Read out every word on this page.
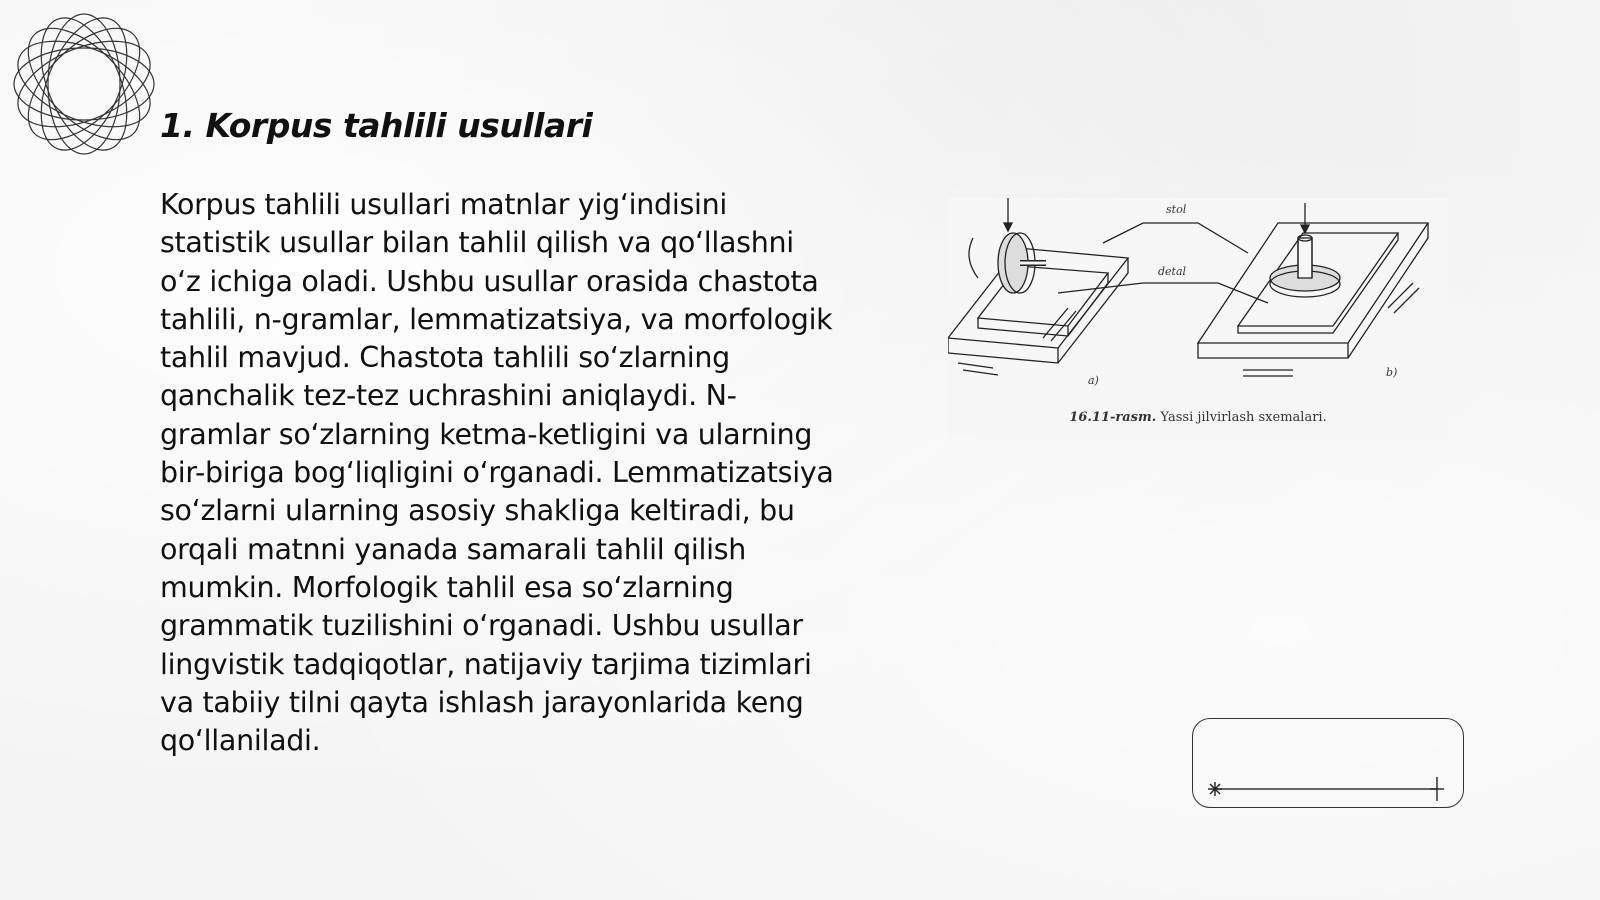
1. Korpus tahlili usullari

Korpus tahlili usullari matnlar yig‘indisini statistik usullar bilan tahlil qilish va qo‘llashni o‘z ichiga oladi. Ushbu usullar orasida chastota tahlili, n-gramlar, lemmatizatsiya, va morfologik tahlil mavjud. Chastota tahlili so‘zlarning qanchalik tez-tez uchrashini aniqlaydi. N-gramlar so‘zlarning ketma-ketligini va ularning bir-biriga bog‘liqligini o‘rganadi. Lemmatizatsiya so‘zlarni ularning asosiy shakliga keltiradi, bu orqali matnni yanada samarali tahlil qilish mumkin. Morfologik tahlil esa so‘zlarning grammatik tuzilishini o‘rganadi. Ushbu usullar lingvistik tadqiqotlar, natijaviy tarjima tizimlari va tabiiy tilni qayta ishlash jarayonlarida keng qo‘llaniladi.

stol
detal
a)
b)
16.11-rasm. Yassi jilvirlash sxemalari.
